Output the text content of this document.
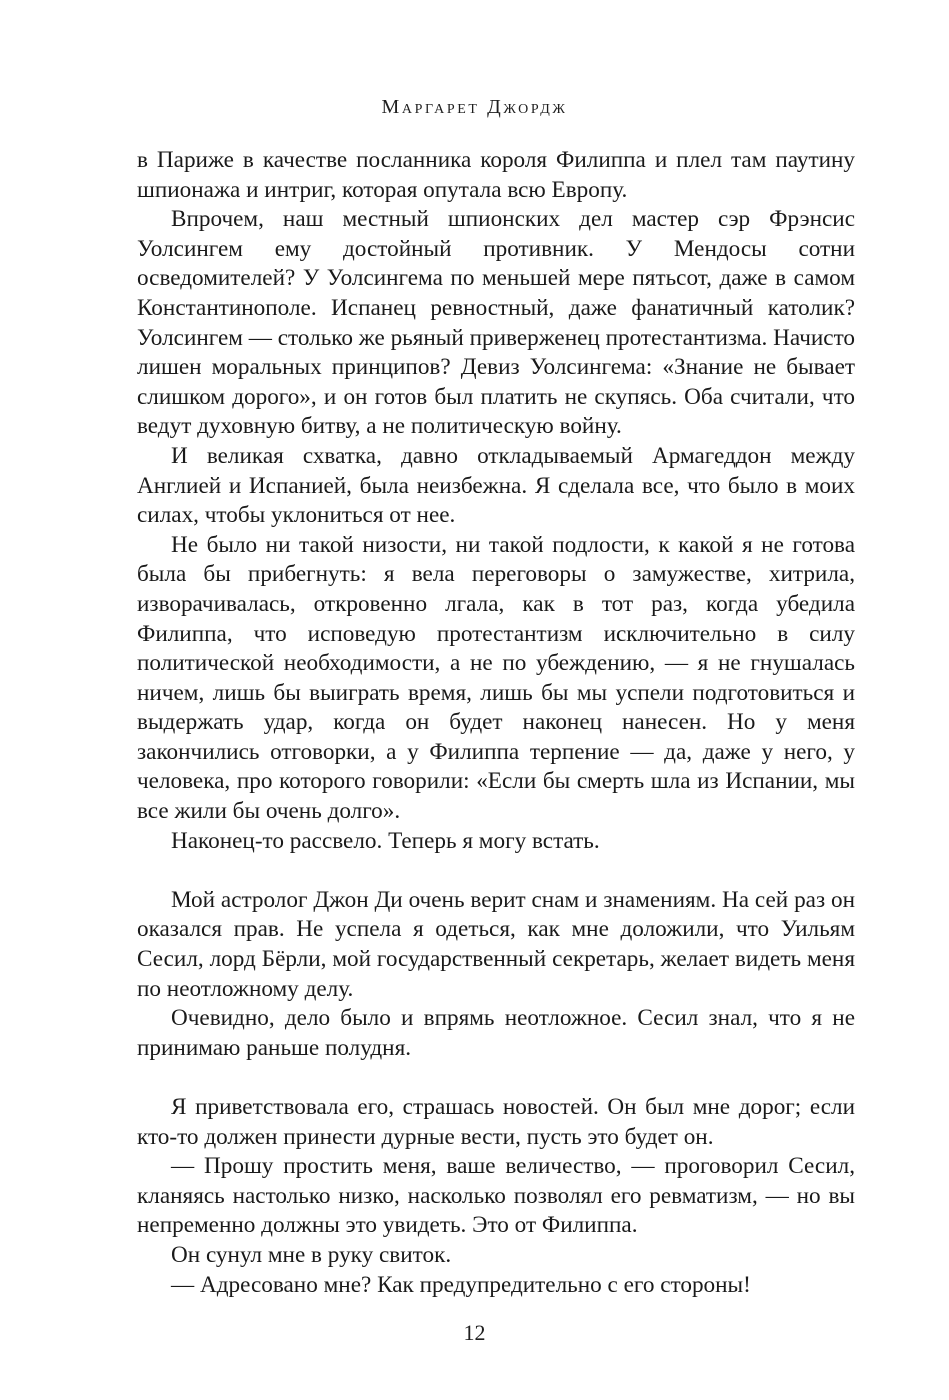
Маргарет Джордж

в Париже в качестве посланника короля Филиппа и плел там паутину шпионажа и интриг, которая опутала всю Европу.

Впрочем, наш местный шпионских дел мастер сэр Фрэнсис Уолсингем ему достойный противник. У Мендосы сотни осведомителей? У Уолсингема по меньшей мере пятьсот, даже в самом Константинополе. Испанец ревностный, даже фанатичный католик? Уолсингем — столько же рьяный приверженец протестантизма. Начисто лишен моральных принципов? Девиз Уолсингема: «Знание не бывает слишком дорого», и он готов был платить не скупясь. Оба считали, что ведут духовную битву, а не политическую войну.

И великая схватка, давно откладываемый Армагеддон между Англией и Испанией, была неизбежна. Я сделала все, что было в моих силах, чтобы уклониться от нее.

Не было ни такой низости, ни такой подлости, к какой я не готова была бы прибегнуть: я вела переговоры о замужестве, хитрила, изворачивалась, откровенно лгала, как в тот раз, когда убедила Филиппа, что исповедую протестантизм исключительно в силу политической необходимости, а не по убеждению, — я не гнушалась ничем, лишь бы выиграть время, лишь бы мы успели подготовиться и выдержать удар, когда он будет наконец нанесен. Но у меня закончились отговорки, а у Филиппа терпение — да, даже у него, у человека, про которого говорили: «Если бы смерть шла из Испании, мы все жили бы очень долго».

Наконец-то рассвело. Теперь я могу встать.

Мой астролог Джон Ди очень верит снам и знамениям. На сей раз он оказался прав. Не успела я одеться, как мне доложили, что Уильям Сесил, лорд Бёрли, мой государственный секретарь, желает видеть меня по неотложному делу.

Очевидно, дело было и впрямь неотложное. Сесил знал, что я не принимаю раньше полудня.

Я приветствовала его, страшась новостей. Он был мне дорог; если кто-то должен принести дурные вести, пусть это будет он.

— Прошу простить меня, ваше величество, — проговорил Сесил, кланяясь настолько низко, насколько позволял его ревматизм, — но вы непременно должны это увидеть. Это от Филиппа.

Он сунул мне в руку свиток.

— Адресовано мне? Как предупредительно с его стороны!

12
